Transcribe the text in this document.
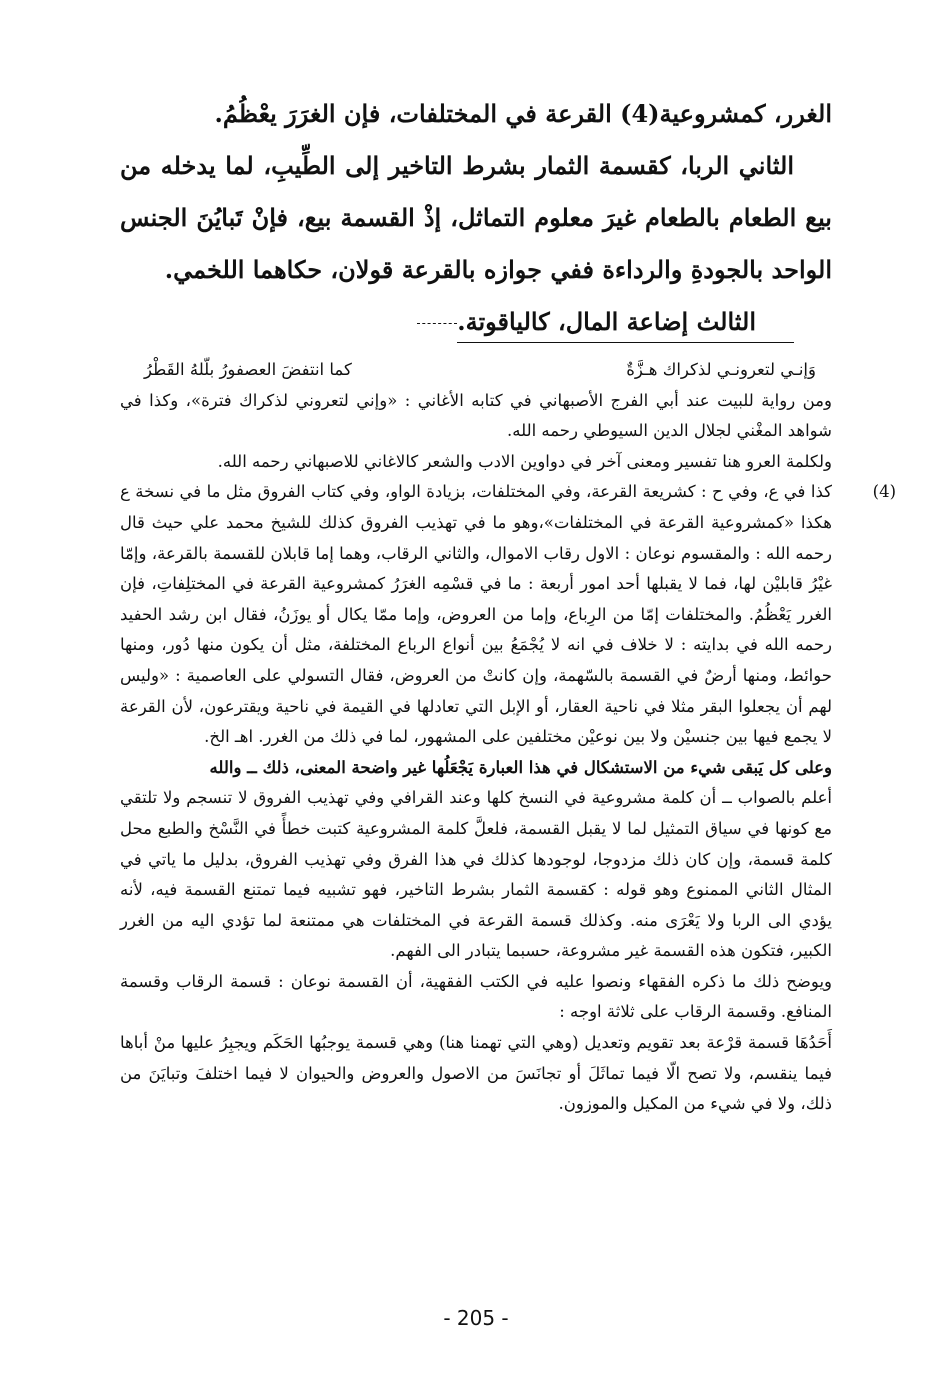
الغرر، كمشروعية(4) القرعة في المختلفات، فإن الغرَرَ يعْظُمُ.

الثاني الربا، كقسمة الثمار بشرط التاخير إلى الطِّيبِ، لما يدخله من بيع الطعام بالطعام غيرَ معلوم التماثل، إذْ القسمة بيع، فإنْ تَبايُنَ الجنس الواحد بالجودةِ والرداءة ففي جوازه بالقرعة قولان، حكاهما اللخمي.

الثالث إضاعة المال، كالياقوتة.

وَإنـي لتعرونـي لذكراك هـزَّةٌ
كما انتفضَ العصفورُ بلّلهُ القَطْرُ

ومن رواية للبيت عند أبي الفرج الأصبهاني في كتابه الأغاني : «وإني لتعروني لذكراك فترة»، وكذا في شواهد المغْني لجلال الدين السيوطي رحمه الله.

ولكلمة العرو هنا تفسير ومعنى آخر في دواوين الادب والشعر كالاغاني للاصبهاني رحمه الله.

(4)

كذا في ع، وفي ح : كشريعة القرعة، وفي المختلفات، بزيادة الواو، وفي كتاب الفروق مثل ما في نسخة ع هكذا «كمشروعية القرعة في المختلفات»،وهو ما في تهذيب الفروق كذلك للشيخ محمد علي حيث قال رحمه الله : والمقسوم نوعان : الاول رقاب الاموال، والثاني الرقاب، وهما إما قابلان للقسمة بالقرعة، وإمّا غيْرُ قابليْن لها، فما لا يقبلها أحد امور أربعة : ما في قسْمِه الغرَرُ كمشروعية القرعة في المختلِفاتِ، فإن الغرر يَعْظُمُ. والمختلفات إمّا من الرِباع، وإما من العروض، وإما ممّا يكال أو يوزَنُ، فقال ابن رشد الحفيد رحمه الله في بدايته : لا خلاف في انه لا يُجْمَعُ بين أنواع الرباع المختلفة، مثل أن يكون منها دُور، ومنها حوائط، ومنها أرضٌ في القسمة بالسّهمة، وإن كانتْ من العروض، فقال التسولي على العاصمية : «وليس لهم أن يجعلوا البقر مثلا في ناحية العقار، أو الإبل التي تعادلها في القيمة في ناحية ويقترعون، لأن القرعة لا يجمع فيها بين جنسيْن ولا بين نوعيْن مختلفين على المشهور، لما في ذلك من الغرر. اهـ الخ.

وعلى كل يَبقى شيء من الاستشكال في هذا العبارة يَجْعَلُها غير واضحة المعنى، ذلك ــ والله

أعلم بالصواب ــ أن كلمة مشروعية في النسخ كلها وعند القرافي وفي تهذيب الفروق لا تنسجم ولا تلتقي مع كونها في سياق التمثيل لما لا يقبل القسمة، فلعلَّ كلمة المشروعية كتبت خطأً في النَّسْخ والطبع محل كلمة قسمة، وإن كان ذلك مزدوجا، لوجودها كذلك في هذا الفرق وفي تهذيب الفروق، بدليل ما ياتي في المثال الثاني الممنوع وهو قوله : كقسمة الثمار بشرط التاخير، فهو تشبيه فيما تمتنع القسمة فيه، لأنه يؤدي الى الربا ولا يَعْرَى منه. وكذلك قسمة القرعة في المختلفات هي ممتنعة لما تؤدي اليه من الغرر الكبير، فتكون هذه القسمة غير مشروعة، حسبما يتبادر الى الفهم.

ويوضح ذلك ما ذكره الفقهاء ونصوا عليه في الكتب الفقهية، أن القسمة نوعان : قسمة الرقاب وقسمة المنافع. وقسمة الرقاب على ثلاثة اوجه :

أَحَدُهَا قسمة قرْعة بعد تقويم وتعديل (وهي التي تهمنا هنا) وهي قسمة يوجبُها الحَكَم ويجبِرُ عليها منْ أباها فيما ينقسم، ولا تصح الّا فيما تماثَلَ أو تجانَسَ من الاصول والعروض والحيوان لا فيما اختلفَ وتبايَنَ من ذلك، ولا في شيء من المكيل والموزون.

- 205 -
